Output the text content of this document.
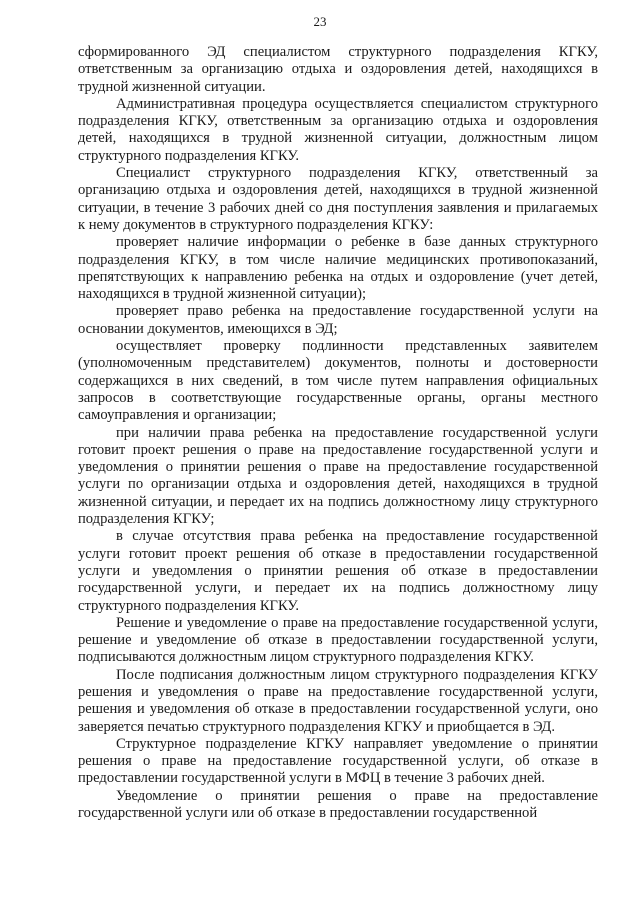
23

сформированного ЭД специалистом структурного подразделения КГКУ, ответственным за организацию отдыха и оздоровления детей, находящихся в трудной жизненной ситуации.

Административная процедура осуществляется специалистом структурного подразделения КГКУ, ответственным за организацию отдыха и оздоровления детей, находящихся в трудной жизненной ситуации, должностным лицом структурного подразделения КГКУ.

Специалист структурного подразделения КГКУ, ответственный за организацию отдыха и оздоровления детей, находящихся в трудной жизненной ситуации, в течение 3 рабочих дней со дня поступления заявления и прилагаемых к нему документов в структурного подразделения КГКУ:

проверяет наличие информации о ребенке в базе данных структурного подразделения КГКУ, в том числе наличие медицинских противопоказаний, препятствующих к направлению ребенка на отдых и оздоровление (учет детей, находящихся в трудной жизненной ситуации);

проверяет право ребенка на предоставление государственной услуги на основании документов, имеющихся в ЭД;

осуществляет проверку подлинности представленных заявителем (уполномоченным представителем) документов, полноты и достоверности содержащихся в них сведений, в том числе путем направления официальных запросов в соответствующие государственные органы, органы местного самоуправления и организации;

при наличии права ребенка на предоставление государственной услуги готовит проект решения о праве на предоставление государственной услуги и уведомления о принятии решения о праве на предоставление государственной услуги по организации отдыха и оздоровления детей, находящихся в трудной жизненной ситуации, и передает их на подпись должностному лицу структурного подразделения КГКУ;

в случае отсутствия права ребенка на предоставление государственной услуги готовит проект решения об отказе в предоставлении государственной услуги и уведомления о принятии решения об отказе в предоставлении государственной услуги, и передает их на подпись должностному лицу структурного подразделения КГКУ.

Решение и уведомление о праве на предоставление государственной услуги, решение и уведомление об отказе в предоставлении государственной услуги, подписываются должностным лицом структурного подразделения КГКУ.

После подписания должностным лицом структурного подразделения КГКУ решения и уведомления о праве на предоставление государственной услуги, решения и уведомления об отказе в предоставлении государственной услуги, оно заверяется печатью структурного подразделения КГКУ и приобщается в ЭД.

Структурное подразделение КГКУ направляет уведомление о принятии решения о праве на предоставление государственной услуги, об отказе в предоставлении государственной услуги в МФЦ в течение 3 рабочих дней.

Уведомление о принятии решения о праве на предоставление государственной услуги или об отказе в предоставлении государственной
